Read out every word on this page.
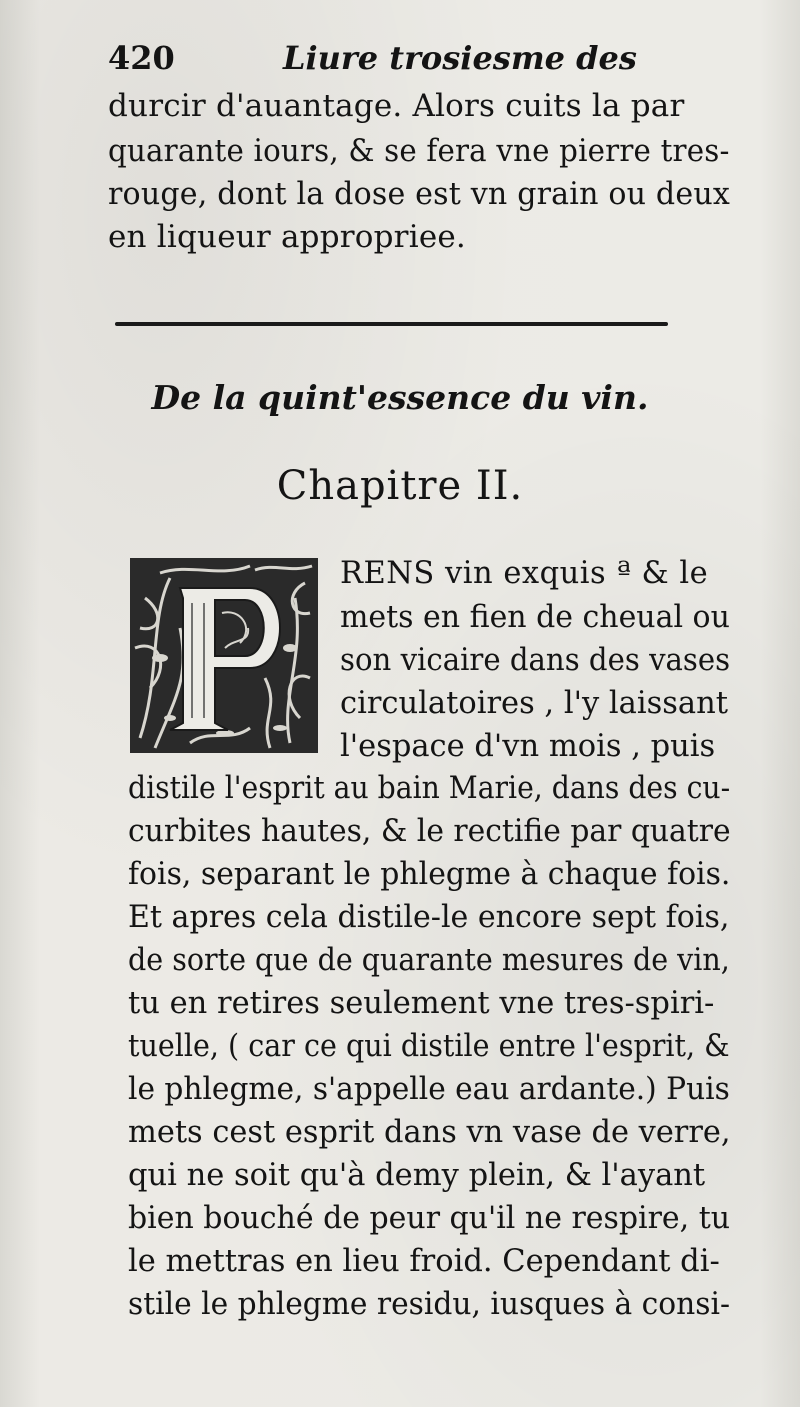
420	Liure trosiesme des
durcir d'auantage. Alors cuits la par
quarante iours, & se fera vne pierre tres-
rouge, dont la dose est vn grain ou deux
en liqueur appropriee.
De la quint'essence du vin.
Chapitre II.
RENS vin exquis ª & le
mets en fien de cheual ou
son vicaire dans des vases
circulatoires , l'y laissant
l'espace d'vn mois , puis
distile l'esprit au bain Marie, dans des cu-
curbites hautes, & le rectifie par quatre
fois, separant le phlegme à chaque fois.
Et apres cela distile-le encore sept fois,
de sorte que de quarante mesures de vin,
tu en retires seulement vne tres-spiri-
tuelle, ( car ce qui distile entre l'esprit, &
le phlegme, s'appelle eau ardante.) Puis
mets cest esprit dans vn vase de verre,
qui ne soit qu'à demy plein, & l'ayant
bien bouché de peur qu'il ne respire, tu
le mettras en lieu froid. Cependant di-
stile le phlegme residu, iusques à consi-
